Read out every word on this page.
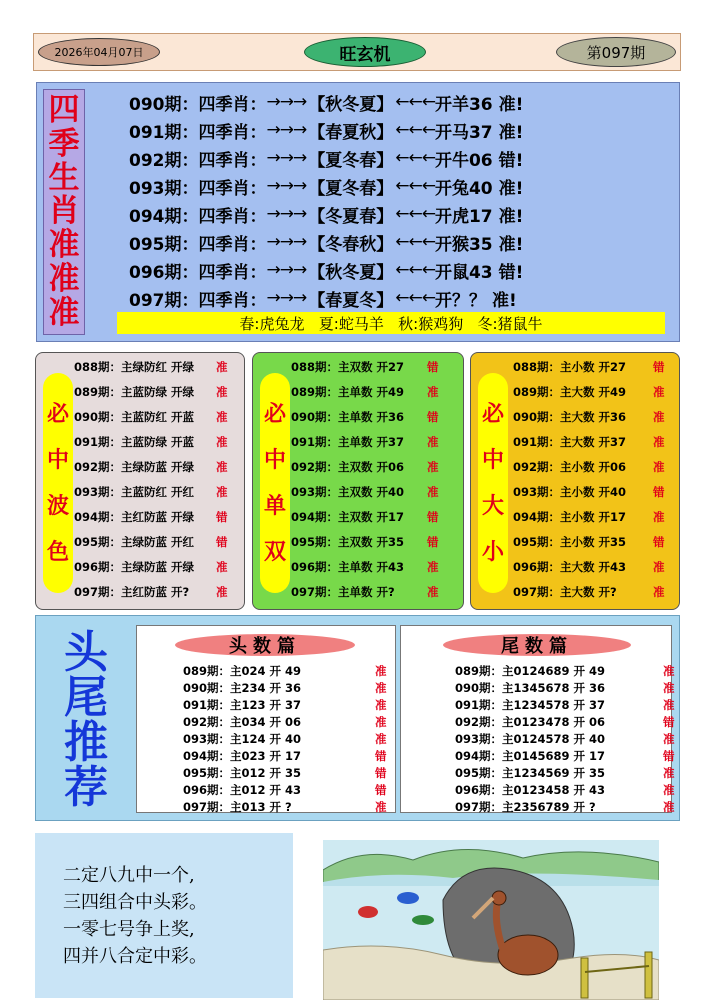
2026年04月07日	旺玄机	第097期
四
季
生
肖
准
准
准
090期： 四季肖： →→→ 【秋冬夏】 ←←← 开羊36 准!
091期： 四季肖： →→→ 【春夏秋】 ←←← 开马37 准!
092期： 四季肖： →→→ 【夏冬春】 ←←← 开牛06 错!
093期： 四季肖： →→→ 【夏冬春】 ←←← 开兔40 准!
094期： 四季肖： →→→ 【冬夏春】 ←←← 开虎17 准!
095期： 四季肖： →→→ 【冬春秋】 ←←← 开猴35 准!
096期： 四季肖： →→→ 【秋冬夏】 ←←← 开鼠43 错!
097期： 四季肖： →→→ 【春夏冬】 ←←← 开？？ 准!
春:虎兔龙   夏:蛇马羊   秋:猴鸡狗   冬:猪鼠牛
必
中
波
色
088期：主绿防红 开绿 准
089期：主蓝防绿 开绿 准
090期：主蓝防红 开蓝 准
091期：主蓝防绿 开蓝 准
092期：主绿防蓝 开绿 准
093期：主蓝防红 开红 准
094期：主红防蓝 开绿 错
095期：主绿防蓝 开红 错
096期：主绿防蓝 开绿 准
097期：主红防蓝 开? 准
必
中
单
双
088期：主双数 开27 错
089期：主单数 开49 准
090期：主单数 开36 错
091期：主单数 开37 准
092期：主双数 开06 准
093期：主双数 开40 准
094期：主双数 开17 错
095期：主双数 开35 错
096期：主单数 开43 准
097期：主单数 开?	准
必
中
大
小
088期：主小数 开27 错
089期：主大数 开49 准
090期：主大数 开36 准
091期：主大数 开37 准
092期：主小数 开06 准
093期：主小数 开40 错
094期：主小数 开17 准
095期：主小数 开35 错
096期：主大数 开43 准
097期：主大数 开?	准
头
尾
推
荐
头数篇
089期：主024 开 49	准
090期：主234 开 36	准
091期：主123 开 37	准
092期：主034 开 06	准
093期：主124 开 40	准
094期：主023 开 17	错
095期：主012 开 35	错
096期：主012 开 43	错
097期：主013 开 ?	准
尾数篇
089期：主0124689 开 49	准
090期：主1345678 开 36	准
091期：主1234578 开 37	准
092期：主0123478 开 06	错
093期：主0124578 开 40	准
094期：主0145689 开 17	错
095期：主1234569 开 35	准
096期：主0123458 开 43	准
097期：主2356789 开 ?	准
二定八九中一个,
三四组合中头彩。
一零七号争上奖,
四并八合定中彩。
